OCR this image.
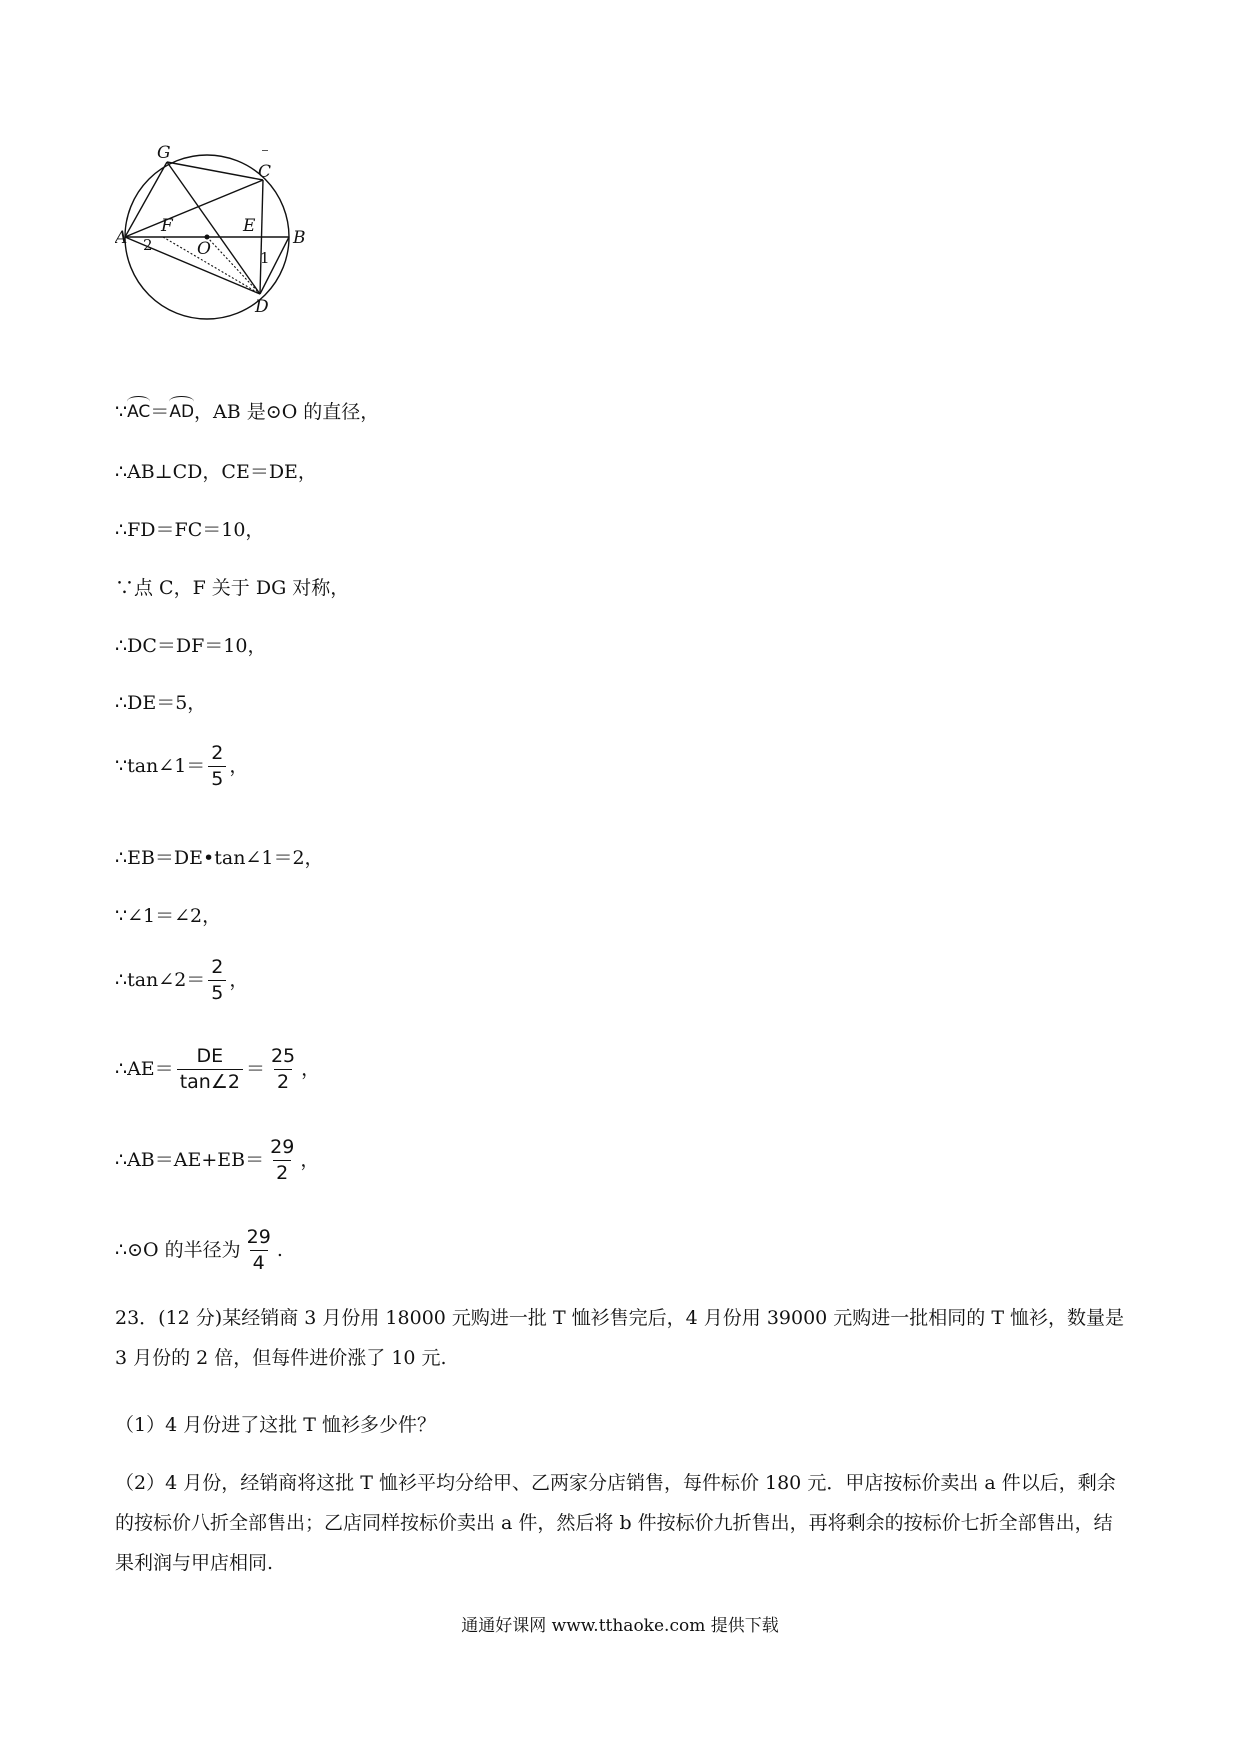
G
C
F	E
A
O
B
D
1
2
∵ AC ＝ AD ，AB 是⊙O 的直径，
∴AB⊥CD，CE＝DE，
∴FD＝FC＝10，
∵点 C，F 关于 DG 对称，
∴DC＝DF＝10，
∴DE＝5，
∵tan∠1＝ $\frac{2}{5}$ ，
∴EB＝DE•tan∠1＝2，
∵∠1＝∠2，
∴tan∠2＝ $\frac{2}{5}$ ，
∴AE＝ $\frac{DE}{\tan\angle 2} = \frac{25}{2}$ ，
∴AB＝AE+EB＝ $\frac{29}{2}$ ，
∴⊙O 的半径为 $\frac{29}{4}$ .
23．(12 分)某经销商 3 月份用 18000 元购进一批 T 恤衫售完后，4 月份用 39000 元购进一批相同的 T 恤衫，数量是 3 月份的 2 倍，但每件进价涨了 10 元.
（1）4 月份进了这批 T 恤衫多少件？
（2）4 月份，经销商将这批 T 恤衫平均分给甲、乙两家分店销售，每件标价 180 元．甲店按标价卖出 a 件以后，剩余的按标价八折全部售出；乙店同样按标价卖出 a 件，然后将 b 件按标价九折售出，再将剩余的按标价七折全部售出，结果利润与甲店相同.
通通好课网 www.tthaoke.com 提供下载
